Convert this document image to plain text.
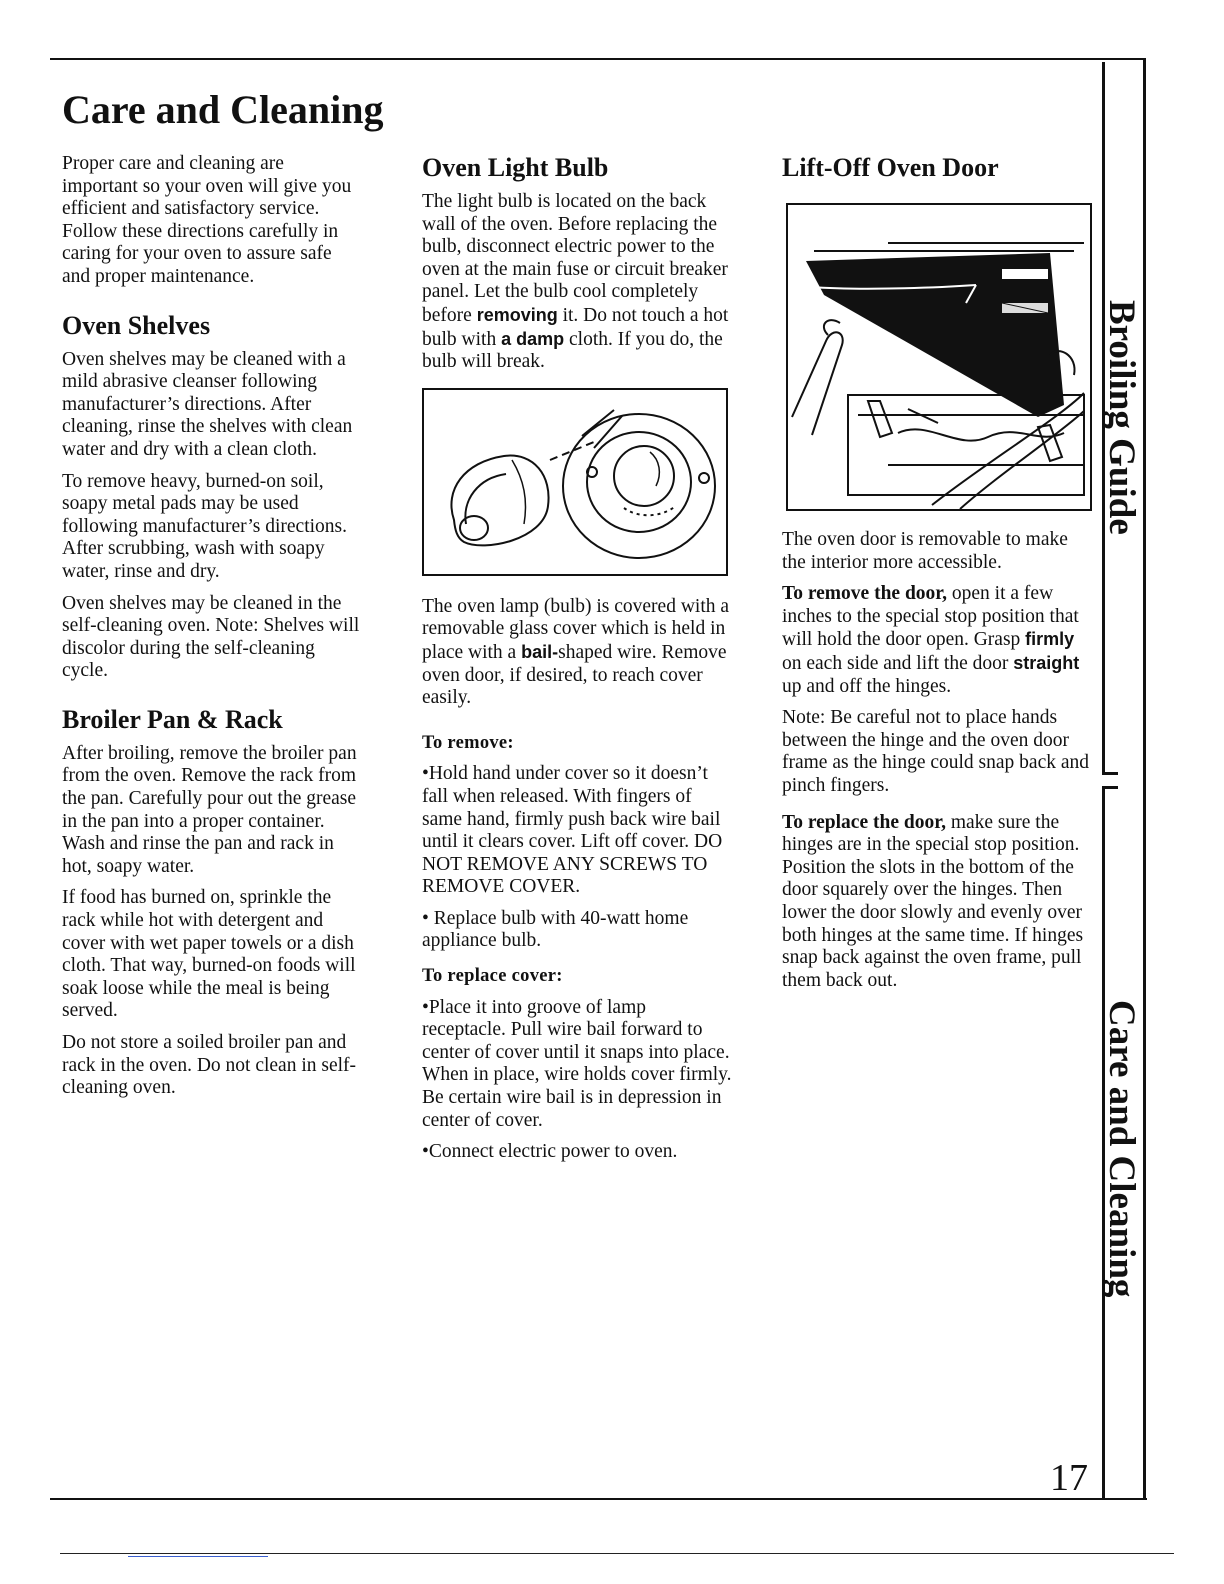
Broiling Guide
Care and Cleaning
Care and Cleaning

Proper care and cleaning are important so your oven will give you efficient and satisfactory service. Follow these directions carefully in caring for your oven to assure safe and proper maintenance.

Oven Shelves

Oven shelves may be cleaned with a mild abrasive cleanser following manufacturer’s directions. After cleaning, rinse the shelves with clean water and dry with a clean cloth.

To remove heavy, burned-on soil, soapy metal pads may be used following manufacturer’s directions. After scrubbing, wash with soapy water, rinse and dry.

Oven shelves may be cleaned in the self-cleaning oven. Note: Shelves will discolor during the self-cleaning cycle.

Broiler Pan & Rack

After broiling, remove the broiler pan from the oven. Remove the rack from the pan. Carefully pour out the grease in the pan into a proper container. Wash and rinse the pan and rack in hot, soapy water.

If food has burned on, sprinkle the rack while hot with detergent and cover with wet paper towels or a dish cloth. That way, burned-on foods will soak loose while the meal is being served.

Do not store a soiled broiler pan and rack in the oven. Do not clean in self-cleaning oven.

Oven Light Bulb

The light bulb is located on the back wall of the oven. Before replacing the bulb, disconnect electric power to the oven at the main fuse or circuit breaker panel. Let the bulb cool completely before removing it. Do not touch a hot bulb with a damp cloth. If you do, the bulb will break.

The oven lamp (bulb) is covered with a removable glass cover which is held in place with a bail-shaped wire. Remove oven door, if desired, to reach cover easily.

To remove:

•Hold hand under cover so it doesn’t fall when released. With fingers of same hand, firmly push back wire bail until it clears cover. Lift off cover. DO NOT REMOVE ANY SCREWS TO REMOVE COVER.

• Replace bulb with 40-watt home appliance bulb.

To replace cover:

•Place it into groove of lamp receptacle. Pull wire bail forward to center of cover until it snaps into place. When in place, wire holds cover firmly. Be certain wire bail is in depression in center of cover.

•Connect electric power to oven.

Lift-Off Oven Door

The oven door is removable to make the interior more accessible.

To remove the door, open it a few inches to the special stop position that will hold the door open. Grasp firmly on each side and lift the door straight up and off the hinges.

Note: Be careful not to place hands between the hinge and the oven door frame as the hinge could snap back and pinch fingers.

To replace the door, make sure the hinges are in the special stop position. Position the slots in the bottom of the door squarely over the hinges. Then lower the door slowly and evenly over both hinges at the same time. If hinges snap back against the oven frame, pull them back out.

17
